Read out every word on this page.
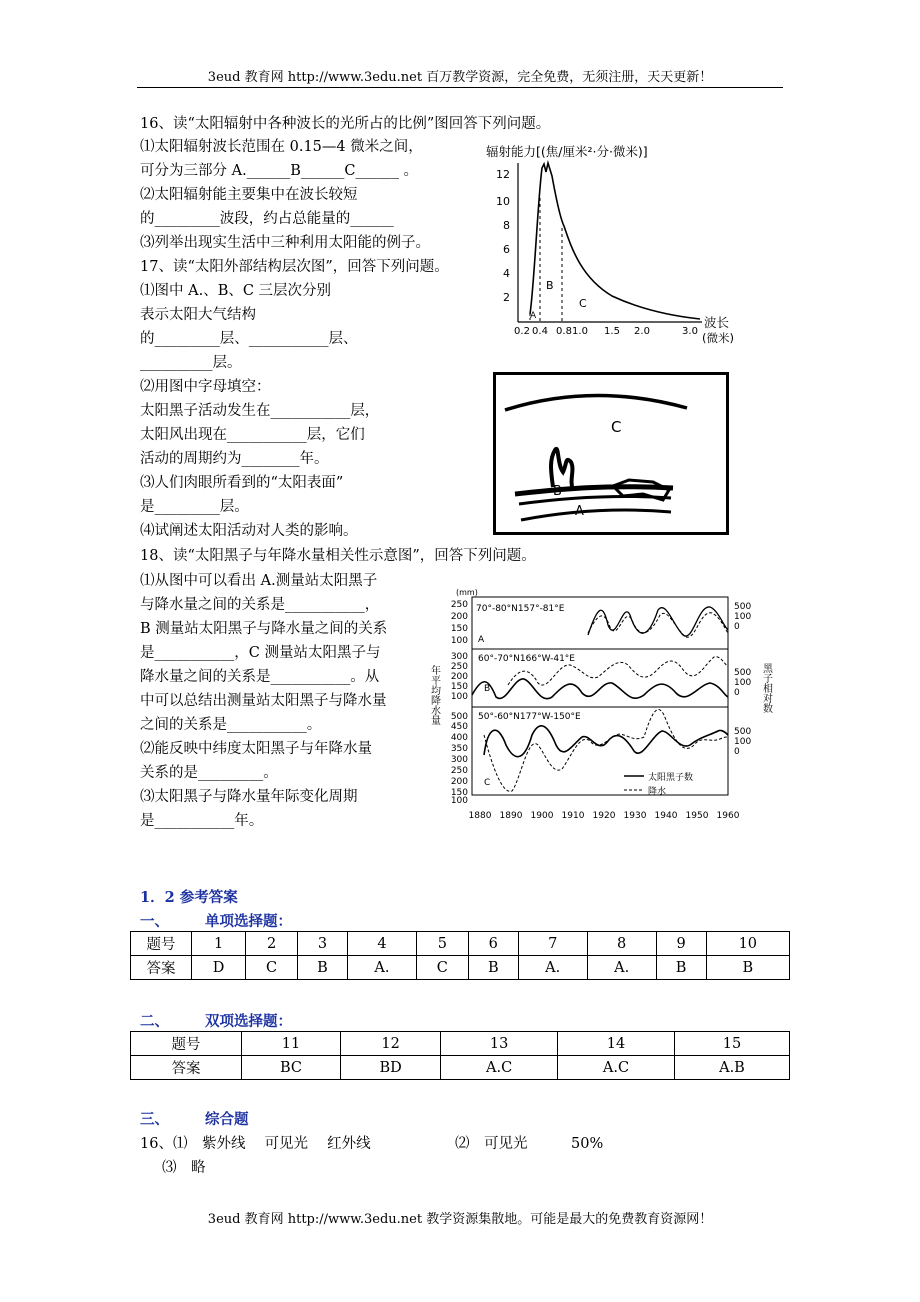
3eud 教育网 http://www.3edu.net 百万教学资源，完全免费，无须注册，天天更新！
16、读“太阳辐射中各种波长的光所占的比例”图回答下列问题。
⑴太阳辐射波长范围在 0.15—4 微米之间，
可分为三部分 A.______B______C______ 。
⑵太阳辐射能主要集中在波长较短
的_________波段，约占总能量的______
⑶列举出现实生活中三种利用太阳能的例子。
17、读“太阳外部结构层次图”，回答下列问题。
⑴图中 A.、B、C 三层次分别
表示太阳大气结构
的_________层、___________层、
__________层。
⑵用图中字母填空：
太阳黑子活动发生在___________层，
太阳风出现在___________层，它们
活动的周期约为________年。
⑶人们肉眼所看到的“太阳表面”
是_________层。
⑷试阐述太阳活动对人类的影响。
18、读“太阳黑子与年降水量相关性示意图”，回答下列问题。
⑴从图中可以看出 A.测量站太阳黑子
与降水量之间的关系是___________，
B 测量站太阳黑子与降水量之间的关系
是___________，C 测量站太阳黑子与
降水量之间的关系是___________。从
中可以总结出测量站太阳黑子与降水量
之间的关系是___________。
⑵能反映中纬度太阳黑子与年降水量
关系的是_________。
⑶太阳黑子与降水量年际变化周期
是___________年。
辐射能力[(焦/厘米²·分·微米)]
2
4
6
8
10
12
A
B
C
0.2 0.4 0.8 1.0 1.5 2.0	3.0
波长
(微米)
C
B
A
(mm)
年平均降水量	黑子相对数
70°-80°N157°-81°E
250
200
150
100 A
500
100
0
60°-70°N166°W-41°E
300
250
200
150
100
B
500
100
0
50°-60°N177°W-150°E
500
450
400
350
300
250
200
150
100
C
500
100
0
太阳黑子数
降水
1880 1890 1900 1910 1920 1930 1940 1950 1960
1．2 参考答案
一、 单项选择题：
题号	1	2	3	4	5	6	7	8	9	10
答案	D	C	B	A.	C	B	A.	A.	B	B
二、 双项选择题：
题号	11	12	13	14	15
答案	BC	BD	A.C	A.C	A.B
三、 综合题
16、⑴　紫外线　 可见光　 红外线	⑵　可见光　　　50%
⑶　略
3eud 教育网 http://www.3edu.net 教学资源集散地。可能是最大的免费教育资源网！
